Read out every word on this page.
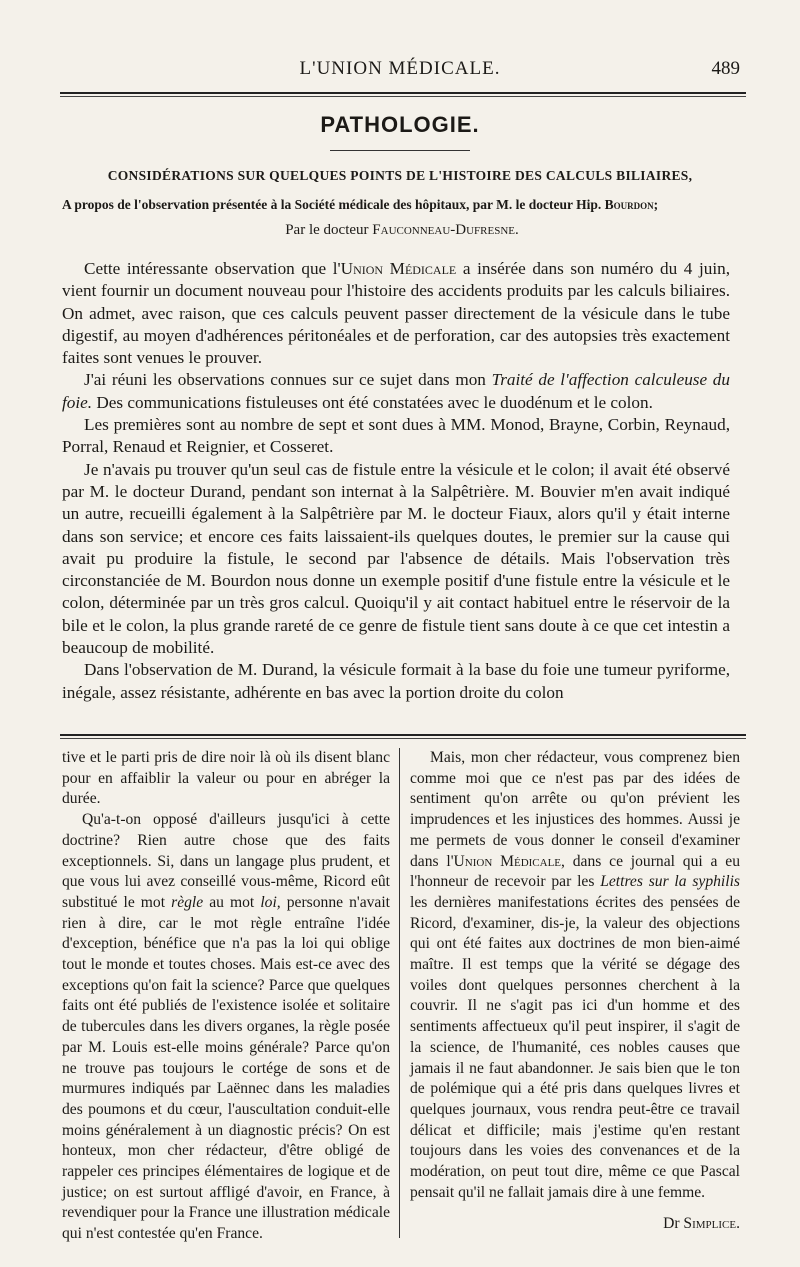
L'UNION MÉDICALE.	489
PATHOLOGIE.
CONSIDÉRATIONS SUR QUELQUES POINTS DE L'HISTOIRE DES CALCULS BILIAIRES,
A propos de l'observation présentée à la Société médicale des hôpitaux, par M. le docteur Hip. Bourdon;
Par le docteur Fauconneau-Dufresne.

Cette intéressante observation que l'Union Médicale a insérée dans son numéro du 4 juin, vient fournir un document nouveau pour l'histoire des accidents produits par les calculs biliaires. On admet, avec raison, que ces calculs peuvent passer directement de la vésicule dans le tube digestif, au moyen d'adhérences péritonéales et de perforation, car des autopsies très exactement faites sont venues le prouver.

J'ai réuni les observations connues sur ce sujet dans mon Traité de l'affection calculeuse du foie. Des communications fistuleuses ont été constatées avec le duodénum et le colon.

Les premières sont au nombre de sept et sont dues à MM. Monod, Brayne, Corbin, Reynaud, Porral, Renaud et Reignier, et Cosseret.

Je n'avais pu trouver qu'un seul cas de fistule entre la vésicule et le colon; il avait été observé par M. le docteur Durand, pendant son internat à la Salpêtrière. M. Bouvier m'en avait indiqué un autre, recueilli également à la Salpêtrière par M. le docteur Fiaux, alors qu'il y était interne dans son service; et encore ces faits laissaient-ils quelques doutes, le premier sur la cause qui avait pu produire la fistule, le second par l'absence de détails. Mais l'observation très circonstanciée de M. Bourdon nous donne un exemple positif d'une fistule entre la vésicule et le colon, déterminée par un très gros calcul. Quoiqu'il y ait contact habituel entre le réservoir de la bile et le colon, la plus grande rareté de ce genre de fistule tient sans doute à ce que cet intestin a beaucoup de mobilité.

Dans l'observation de M. Durand, la vésicule formait à la base du foie une tumeur pyriforme, inégale, assez résistante, adhérente en bas avec la portion droite du colon

tive et le parti pris de dire noir là où ils disent blanc pour en affaiblir la valeur ou pour en abréger la durée.

Qu'a-t-on opposé d'ailleurs jusqu'ici à cette doctrine? Rien autre chose que des faits exceptionnels. Si, dans un langage plus prudent, et que vous lui avez conseillé vous-même, Ricord eût substitué le mot règle au mot loi, personne n'avait rien à dire, car le mot règle entraîne l'idée d'exception, bénéfice que n'a pas la loi qui oblige tout le monde et toutes choses. Mais est-ce avec des exceptions qu'on fait la science? Parce que quelques faits ont été publiés de l'existence isolée et solitaire de tubercules dans les divers organes, la règle posée par M. Louis est-elle moins générale? Parce qu'on ne trouve pas toujours le cortége de sons et de murmures indiqués par Laënnec dans les maladies des poumons et du cœur, l'auscultation conduit-elle moins généralement à un diagnostic précis? On est honteux, mon cher rédacteur, d'être obligé de rappeler ces principes élémentaires de logique et de justice; on est surtout affligé d'avoir, en France, à revendiquer pour la France une illustration médicale qui n'est contestée qu'en France.

Mais, mon cher rédacteur, vous comprenez bien comme moi que ce n'est pas par des idées de sentiment qu'on arrête ou qu'on prévient les imprudences et les injustices des hommes. Aussi je me permets de vous donner le conseil d'examiner dans l'Union Médicale, dans ce journal qui a eu l'honneur de recevoir par les Lettres sur la syphilis les dernières manifestations écrites des pensées de Ricord, d'examiner, dis-je, la valeur des objections qui ont été faites aux doctrines de mon bien-aimé maître. Il est temps que la vérité se dégage des voiles dont quelques personnes cherchent à la couvrir. Il ne s'agit pas ici d'un homme et des sentiments affectueux qu'il peut inspirer, il s'agit de la science, de l'humanité, ces nobles causes que jamais il ne faut abandonner. Je sais bien que le ton de polémique qui a été pris dans quelques livres et quelques journaux, vous rendra peut-être ce travail délicat et difficile; mais j'estime qu'en restant toujours dans les voies des convenances et de la modération, on peut tout dire, même ce que Pascal pensait qu'il ne fallait jamais dire à une femme.

Dr Simplice.
